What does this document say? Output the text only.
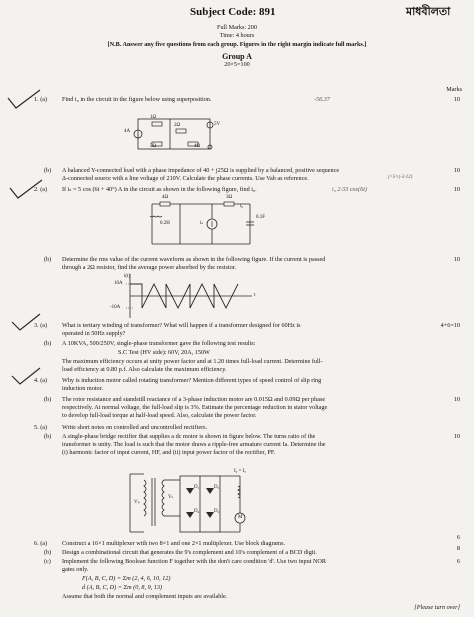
Subject Code: 891	মাধবীলতা
Full Marks: 200
Time: 4 hours
[N.B. Answer any five questions from each group. Figures in the right margin indicate full marks.]
Group A
20×5=100
Marks
1. (a) Find i₀ in the circuit in the figure below using superposition.	-56.37	10
4A
1Ω
2Ω
5Ω	4Ω
5V
(b) A balanced Y-connected load with a phase impedance of 40 + j25Ω is supplied by a balanced, positive sequence
Δ-connected source with a line voltage of 210V. Calculate the phase currents. Use Vab as reference.	j=5×(-3·12)
10
2. (a) If iₛ = 5 cos (6t + 40°) A in the circuit as shown in the following figure, find i₀.	i₀ 2·33 cos(6t)	10
4Ω	3Ω
0.2H	iₛ
0.1F
i₀
(b) Determine the rms value of the current waveform as shown in the following figure. If the current is passed
through a 2Ω resistor, find the average power absorbed by the resistor.
10
i(t)
10A
-10A
t
3. (a) What is tertiary winding of transformer? What will happen if a transformer designed for 60Hz is
operated in 50Hz supply?
4+6=10
(b) A 10KVA, 500/250V, single-phase transformer gave the following test results:
S.C Test (HV side): 60V, 20A, 150W
The maximum efficiency occurs at unity power factor and at 1.20 times full-load current. Determine full-
load efficiency at 0.80 p.f. Also calculate the maximum efficiency.
4. (a) Why is induction motor called rotating transformer? Mention different types of speed control of slip ring
induction motor.
(b) The rotor resistance and standstill reactance of a 3-phase induction motor are 0.015Ω and 0.09Ω per phase
respectively. At normal voltage, the full-load slip is 3%. Estimate the percentage reduction in stator voltage
to develop full-load torque at half-load speed. Also, calculate the power factor.
10
5. (a) Write short notes on controlled and uncontrolled rectifiers.
(b) A single-phase bridge rectifier that supplies a dc motor is shown in figure below. The turns ratio of the
transformer is unity. The load is such that the motor draws a ripple-free armature current Ia. Determine the
(i) harmonic factor of input current, HF, and (ii) input power factor of the rectifier, PF.
10
Vₚ
Vₛ
D₁	D₃
D₄	D₂
I₀ = Iₐ
M
6. (a) Construct a 16×1 multiplexer with two 8×1 and one 2×1 multiplexer. Use block diagrams.
6
(b) Design a combinational circuit that generates the 9's complement and 10's complement of a BCD digit.
8
(c) Implement the following Boolean function F together with the don't care condition 'd'. Use two input NOR
gates only.
F(A, B, C, D) = Σm (2, 4, 6, 10, 12)
d (A, B, C, D) = Σm (0, 8, 9, 13)
Assume that both the normal and complement inputs are available.
6
[Please turn over]
